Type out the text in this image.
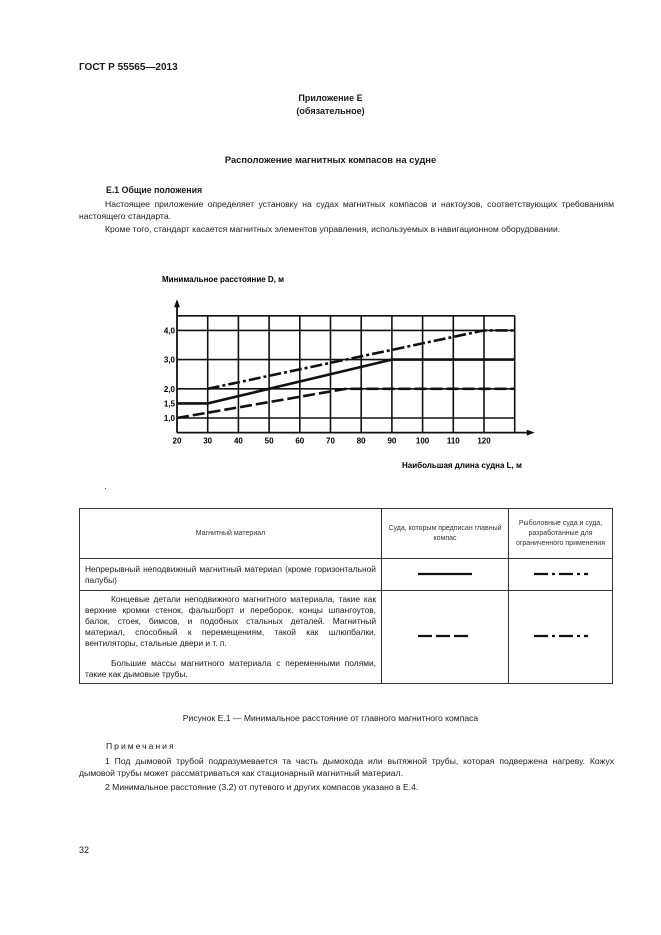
ГОСТ Р 55565—2013
Приложение Е
(обязательное)
Расположение магнитных компасов на судне
Е.1 Общие положения
Настоящее приложение определяет установку на судах магнитных компасов и нактоузов, соответствующих требованиям настоящего стандарта.
Кроме того, стандарт касается магнитных элементов управления, используемых в навигационном оборудовании.
20	30	40	50	60	70	80	90 100 110 120
1,0
1,5
2,0
3,0
4,0
Минимальное расстояние D, м
Наибольшая длина судна L, м
·
Магнитный материал	Суда, которым предписан главный компас	Рыболовные суда и суда, разработанные для ограниченного применения
Непрерывный неподвижный магнитный материал (кроме горизонтальной палубы)		

Концевые детали неподвижного магнитного материала, такие как верхние кромки стенок, фальшборт и переборок, концы шпангоутов, балок, стоек, бимсов, и подобных стальных деталей. Магнитный материал, способный к перемещениям, такой как шлюпбалки, вентиляторы, стальные двери и т. п.
Большие массы магнитного материала с переменными полями, такие как дымовые трубы.

Рисунок Е.1 — Минимальное расстояние от главного магнитного компаса
Примечания
1 Под дымовой трубой подразумевается та часть дымохода или вытяжной трубы, которая подвержена нагреву. Кожух дымовой трубы может рассматриваться как стационарный магнитный материал.
2 Минимальное расстояние (3.2) от путевого и других компасов указано в Е.4.
32
